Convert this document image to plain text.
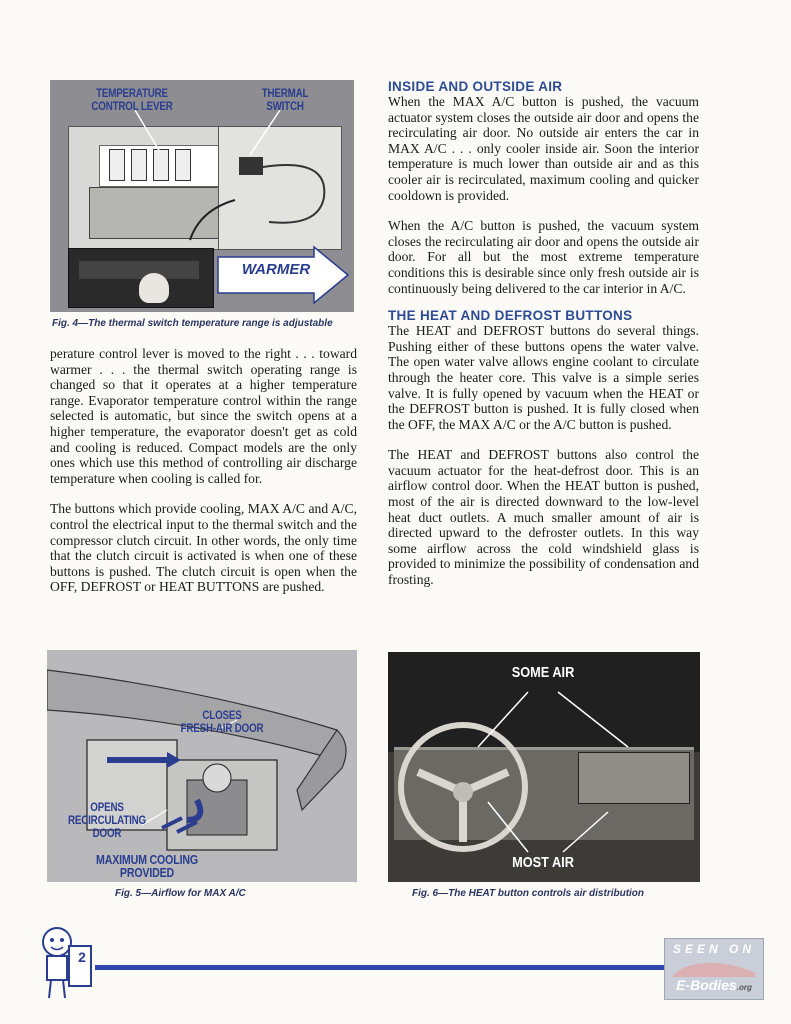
WARMER
TEMPERATURE
CONTROL LEVER
THERMAL
SWITCH
Fig. 4—The thermal switch temperature range is adjustable

perature control lever is moved to the right . . . toward warmer . . . the thermal switch operating range is changed so that it operates at a higher temperature range. Evaporator temperature control within the range selected is automatic, but since the switch opens at a higher temperature, the evaporator doesn't get as cold and cooling is reduced. Compact models are the only ones which use this method of controlling air discharge temperature when cooling is called for.

The buttons which provide cooling, MAX A/C and A/C, control the electrical input to the thermal switch and the compressor clutch circuit. In other words, the only time that the clutch circuit is activated is when one of these buttons is pushed. The clutch circuit is open when the OFF, DEFROST or HEAT BUTTONS are pushed.

INSIDE AND OUTSIDE AIR

When the MAX A/C button is pushed, the vacuum actuator system closes the outside air door and opens the recirculating air door. No outside air enters the car in MAX A/C . . . only cooler inside air. Soon the interior temperature is much lower than outside air and as this cooler air is recirculated, maximum cooling and quicker cooldown is provided.

When the A/C button is pushed, the vacuum system closes the recirculating air door and opens the outside air door. For all but the most extreme temperature conditions this is desirable since only fresh outside air is continuously being delivered to the car interior in A/C.

THE HEAT AND DEFROST BUTTONS

The HEAT and DEFROST buttons do several things. Pushing either of these buttons opens the water valve. The open water valve allows engine coolant to circulate through the heater core. This valve is a simple series valve. It is fully opened by vacuum when the HEAT or the DEFROST button is pushed. It is fully closed when the OFF, the MAX A/C or the A/C button is pushed.

The HEAT and DEFROST buttons also control the vacuum actuator for the heat-defrost door. This is an airflow control door. When the HEAT button is pushed, most of the air is directed downward to the low-level heat duct outlets. A much smaller amount of air is directed upward to the defroster outlets. In this way some airflow across the cold windshield glass is provided to minimize the possibility of condensation and frosting.

CLOSES
FRESH-AIR DOOR
OPENS
RECIRCULATING
DOOR
MAXIMUM COOLING PROVIDED
Fig. 5—Airflow for MAX A/C
SOME AIR
MOST AIR
Fig. 6—The HEAT button controls air distribution
2	SEEN ON
E-Bodies.org
